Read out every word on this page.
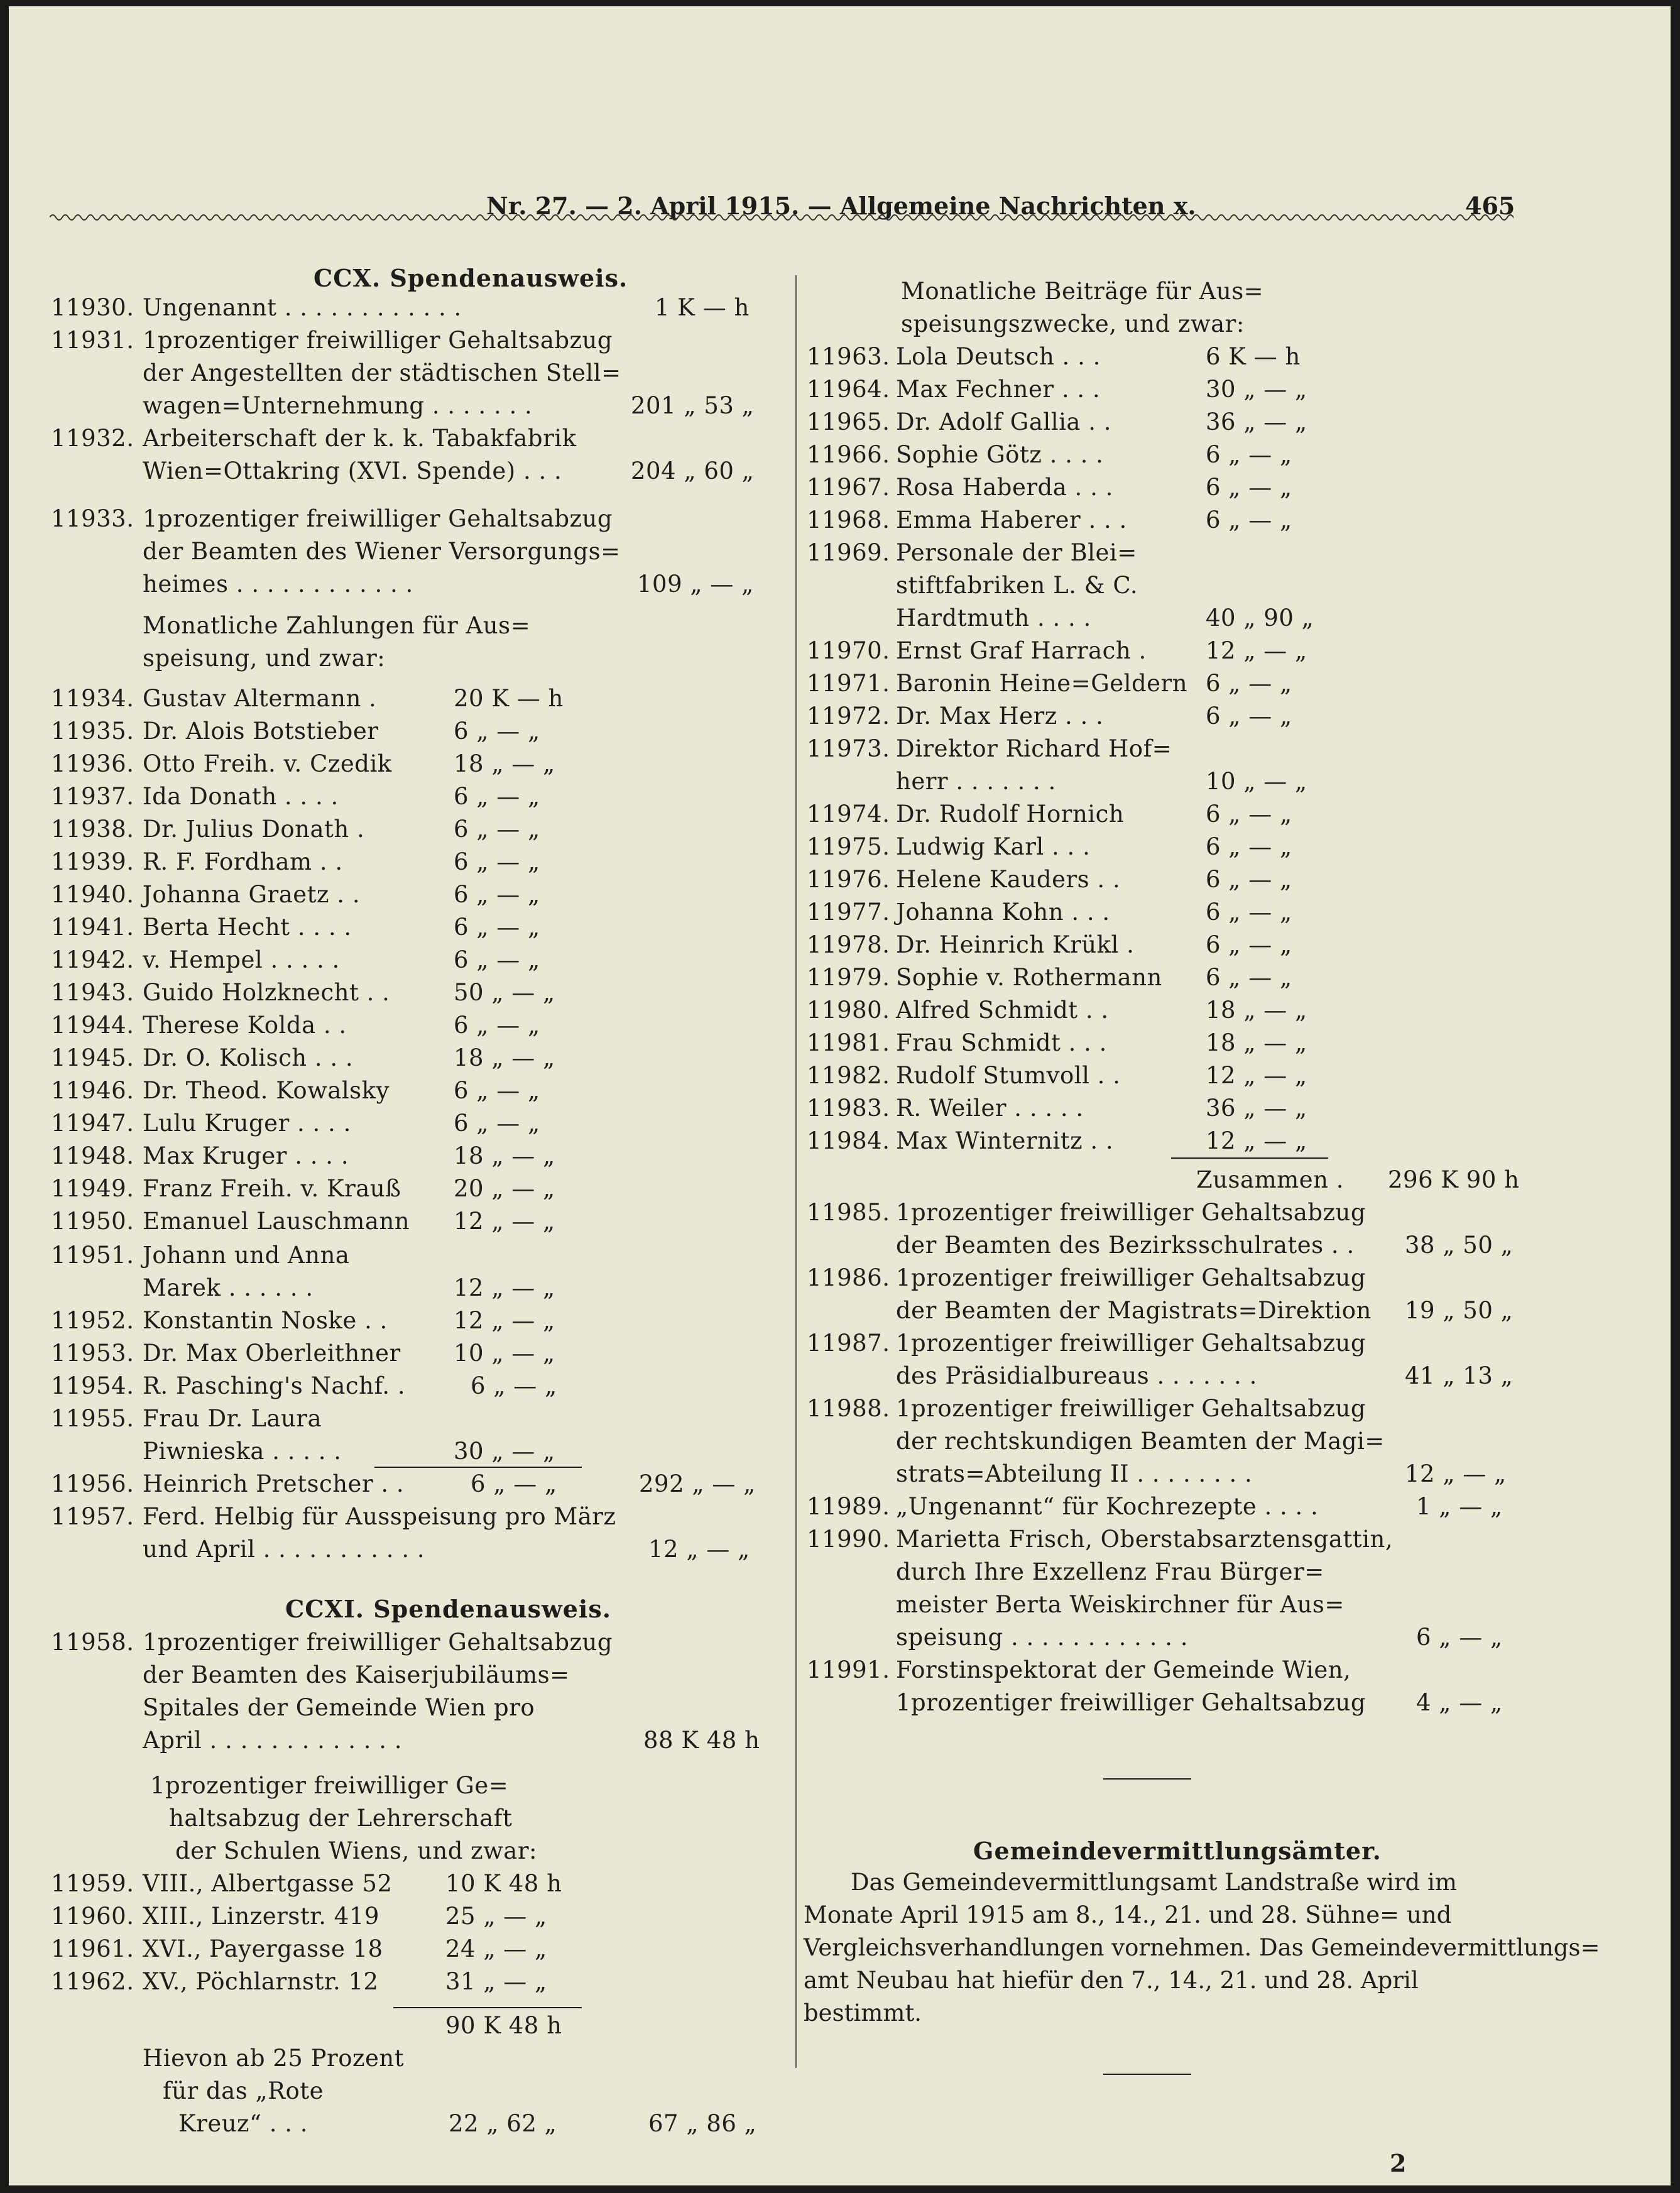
Nr. 27. — 2. April 1915. — Allgemeine Nachrichten x.	465
CCX. Spendenausweis.
11930. Ungenannt . . . . . . . . . . . .	1 K — h
11931. 1prozentiger freiwilliger Gehaltsabzug
der Angestellten der städtischen Stell=
wagen=Unternehmung . . . . . . .	201 „ 53 „
11932. Arbeiterschaft der k. k. Tabakfabrik
Wien=Ottakring (XVI. Spende) . . .	204 „ 60 „
11933. 1prozentiger freiwilliger Gehaltsabzug
der Beamten des Wiener Versorgungs=
heimes . . . . . . . . . . . .	109 „ — „
Monatliche Zahlungen für Aus=
speisung, und zwar:
11934. Gustav Altermann .	20 K — h
11935. Dr. Alois Botstieber	6 „ — „
11936. Otto Freih. v. Czedik	18 „ — „
11937. Ida Donath . . . .	6 „ — „
11938. Dr. Julius Donath .	6 „ — „
11939. R. F. Fordham . .	6 „ — „
11940. Johanna Graetz . .	6 „ — „
11941. Berta Hecht . . . .	6 „ — „
11942. v. Hempel . . . . .	6 „ — „
11943. Guido Holzknecht . .	50 „ — „
11944. Therese Kolda . .	6 „ — „
11945. Dr. O. Kolisch . . .	18 „ — „
11946. Dr. Theod. Kowalsky	6 „ — „
11947. Lulu Kruger . . . .	6 „ — „
11948. Max Kruger . . . .	18 „ — „
11949. Franz Freih. v. Krauß 20 „ — „
11950. Emanuel Lauschmann 12 „ — „
11951. Johann und Anna
Marek . . . . . .	12 „ — „
11952. Konstantin Noske . .	12 „ — „
11953. Dr. Max Oberleithner 10 „ — „
11954. R. Pasching's Nachf. .	6 „ — „
11955. Frau Dr. Laura
Piwnieska . . . . .	30 „ — „
11956. Heinrich Pretscher . .	6 „ — „	292 „ — „
11957. Ferd. Helbig für Ausspeisung pro März
und April . . . . . . . . . . .	12 „ — „
CCXI. Spendenausweis.
11958. 1prozentiger freiwilliger Gehaltsabzug
der Beamten des Kaiserjubiläums=
Spitales der Gemeinde Wien pro
April . . . . . . . . . . . . .	88 K 48 h
1prozentiger freiwilliger Ge=
haltsabzug der Lehrerschaft
der Schulen Wiens, und zwar:
11959. VIII., Albertgasse 52 10 K 48 h
11960. XIII., Linzerstr. 419	25 „ — „
11961. XVI., Payergasse 18	24 „ — „
11962. XV., Pöchlarnstr. 12	31 „ — „
90 K 48 h
Hievon ab 25 Prozent
für das „Rote
Kreuz“ . . .	22 „ 62 „	67 „ 86 „
Monatliche Beiträge für Aus=
speisungszwecke, und zwar:
11963. Lola Deutsch . . .	6 K — h
11964. Max Fechner . . .	30 „ — „
11965. Dr. Adolf Gallia . .	36 „ — „
11966. Sophie Götz . . . .	6 „ — „
11967. Rosa Haberda . . .	6 „ — „
11968. Emma Haberer . . .	6 „ — „
11969. Personale der Blei=
stiftfabriken L. & C.
Hardtmuth . . . .	40 „ 90 „
11970. Ernst Graf Harrach .	12 „ — „
11971. Baronin Heine=Geldern 6 „ — „
11972. Dr. Max Herz . . .	6 „ — „
11973. Direktor Richard Hof=
herr . . . . . . .	10 „ — „
11974. Dr. Rudolf Hornich	6 „ — „
11975. Ludwig Karl . . .	6 „ — „
11976. Helene Kauders . .	6 „ — „
11977. Johanna Kohn . . .	6 „ — „
11978. Dr. Heinrich Krükl .	6 „ — „
11979. Sophie v. Rothermann 6 „ — „
11980. Alfred Schmidt . .	18 „ — „
11981. Frau Schmidt . . .	18 „ — „
11982. Rudolf Stumvoll . .	12 „ — „
11983. R. Weiler . . . . .	36 „ — „
11984. Max Winternitz . .	12 „ — „
Zusammen . 296 K 90 h
11985. 1prozentiger freiwilliger Gehaltsabzug
der Beamten des Bezirksschulrates . . 38 „ 50 „
11986. 1prozentiger freiwilliger Gehaltsabzug
der Beamten der Magistrats=Direktion 19 „ 50 „
11987. 1prozentiger freiwilliger Gehaltsabzug
des Präsidialbureaus . . . . . . .	41 „ 13 „
11988. 1prozentiger freiwilliger Gehaltsabzug
der rechtskundigen Beamten der Magi=
strats=Abteilung II . . . . . . . .	12 „ — „
11989. „Ungenannt“ für Kochrezepte . . . .	1 „ — „
11990. Marietta Frisch, Oberstabsarztensgattin,
durch Ihre Exzellenz Frau Bürger=
meister Berta Weiskirchner für Aus=
speisung . . . . . . . . . . . .	6 „ — „
11991. Forstinspektorat der Gemeinde Wien,
1prozentiger freiwilliger Gehaltsabzug 4 „ — „
Gemeindevermittlungsämter.
Das Gemeindevermittlungsamt Landstraße wird im
Monate April 1915 am 8., 14., 21. und 28. Sühne= und
Vergleichsverhandlungen vornehmen. Das Gemeindevermittlungs=
amt Neubau hat hiefür den 7., 14., 21. und 28. April
bestimmt.
2
